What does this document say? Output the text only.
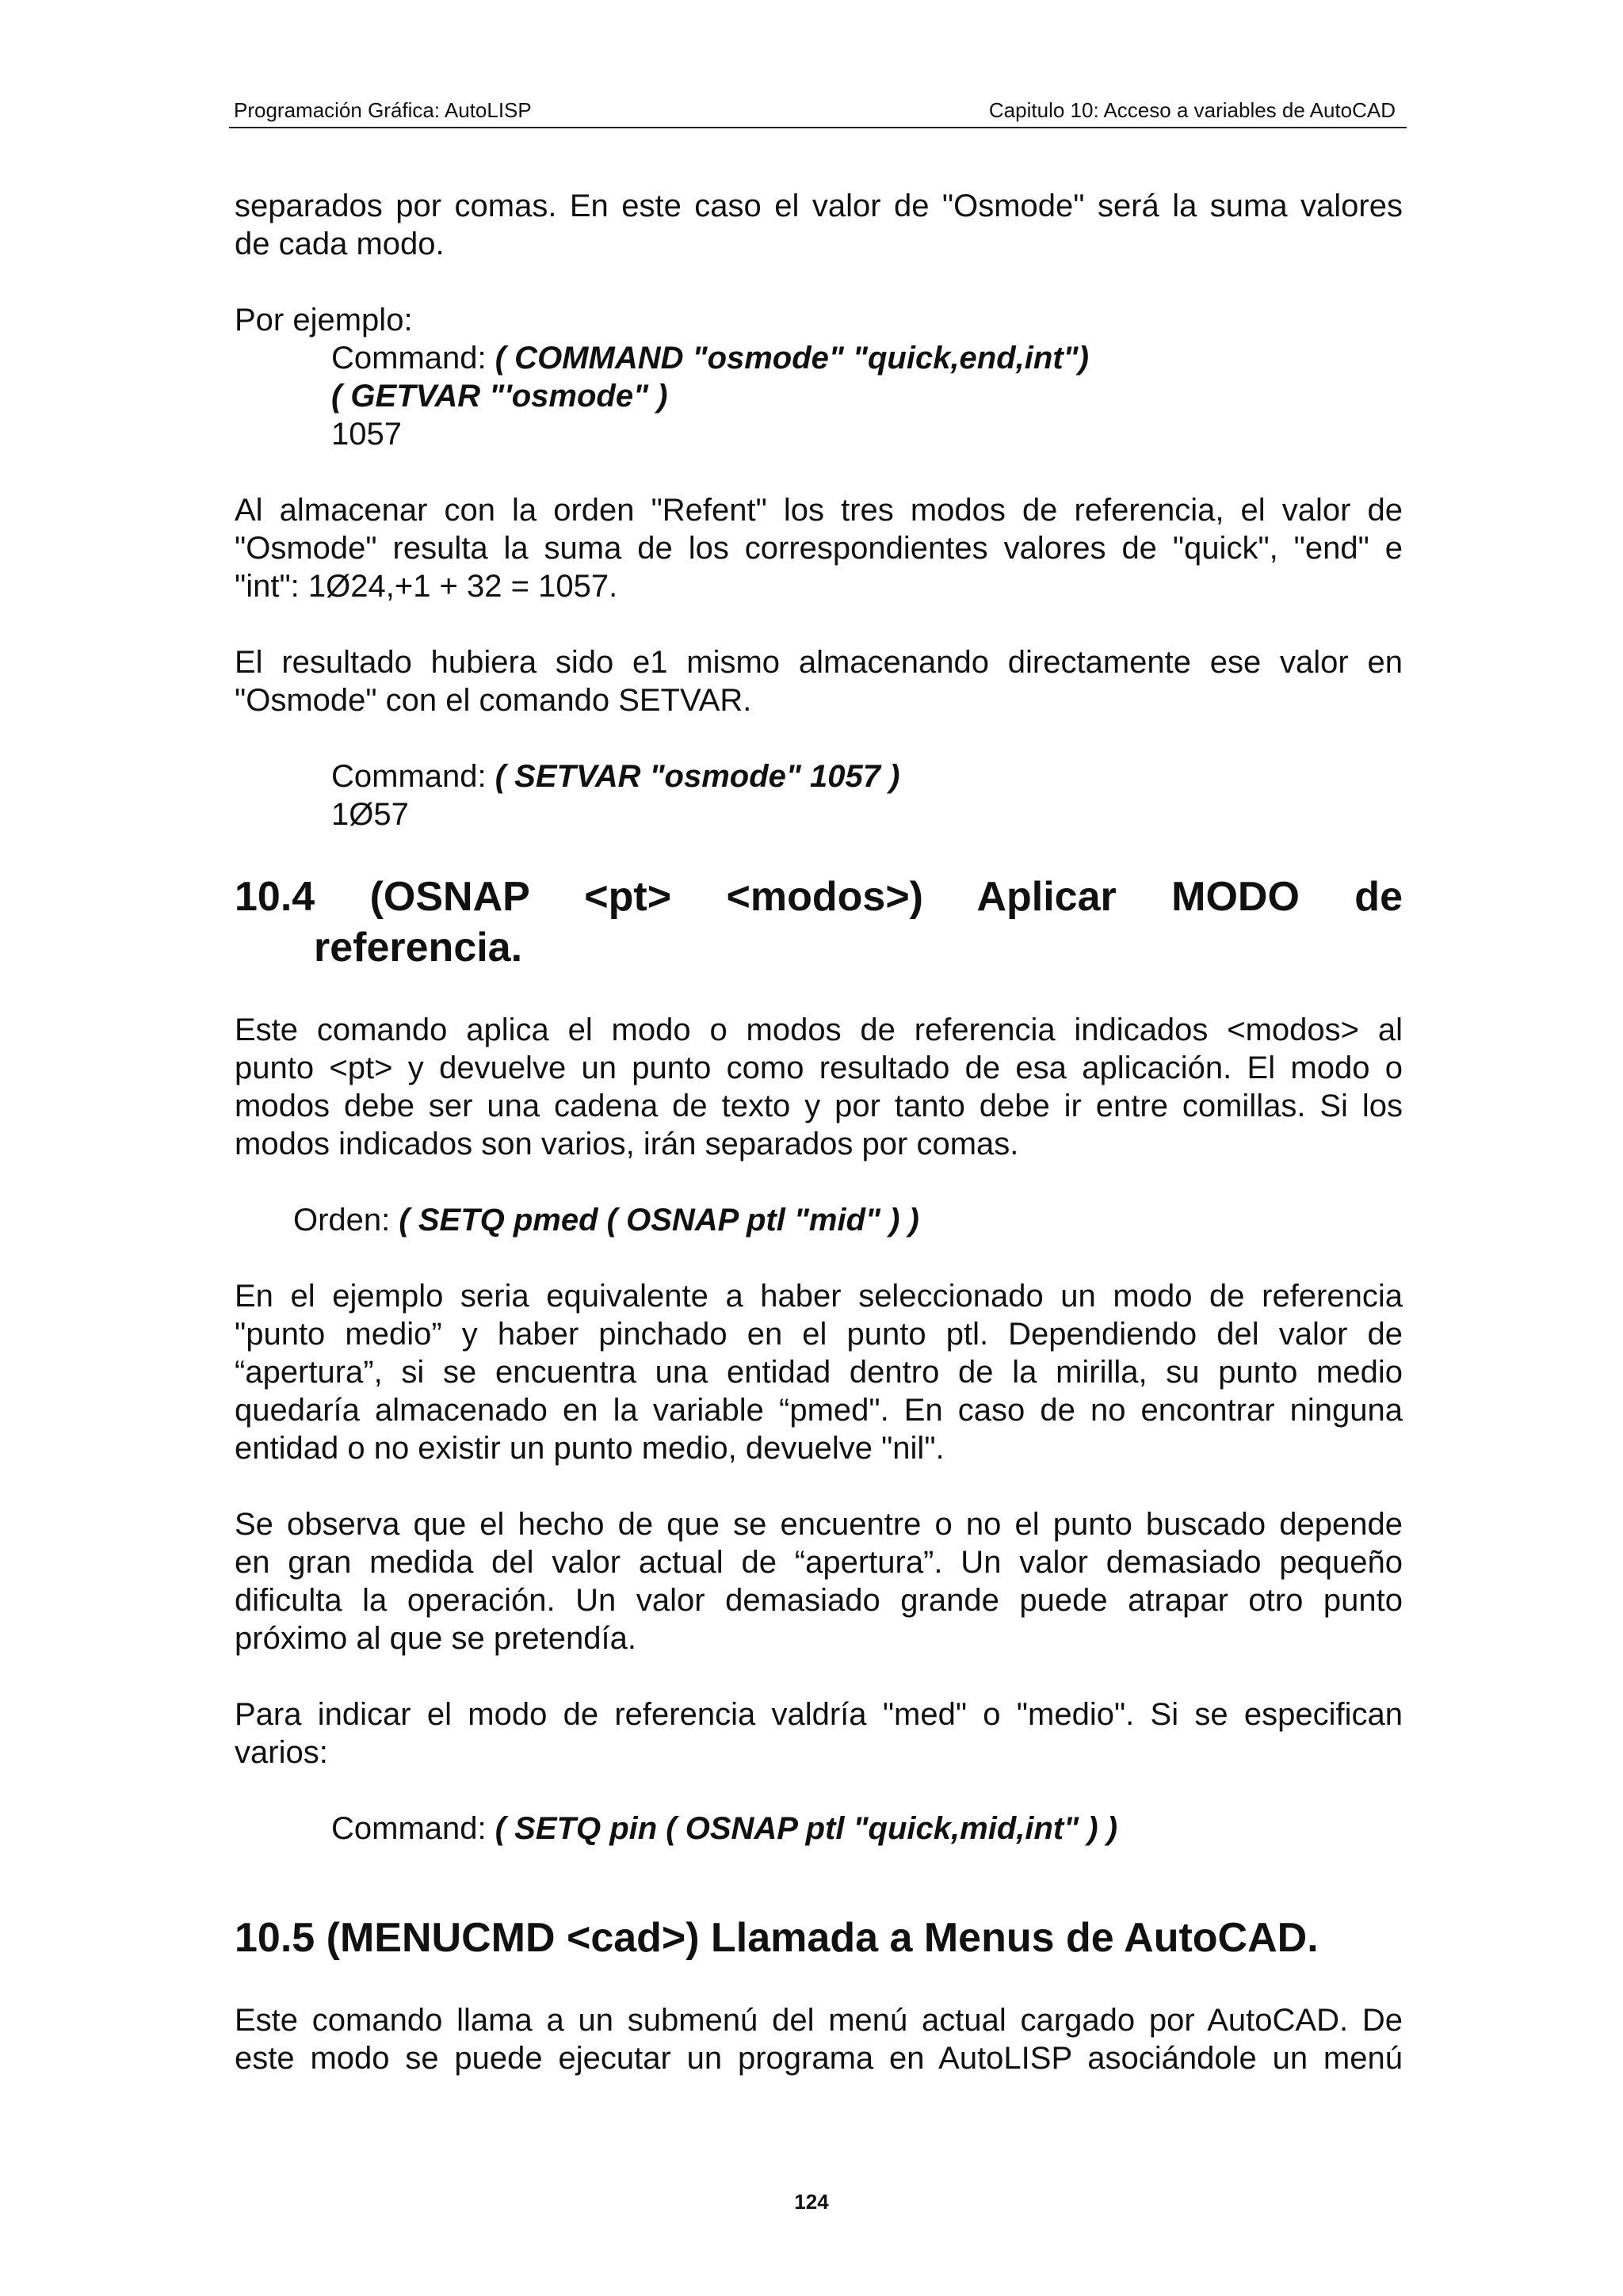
Programación Gráfica: AutoLISP	Capitulo 10: Acceso a variables de AutoCAD

separados por comas. En este caso el valor de "Osmode" será la suma valores
de cada modo.

Por ejemplo:
Command: ( COMMAND "osmode" "quick,end,int")
( GETVAR "'osmode" )
1057

Al almacenar con la orden "Refent" los tres modos de referencia, el valor de
"Osmode" resulta la suma de los correspondientes valores de "quick", "end" e
"int": 1Ø24,+1 + 32 = 1057.

El resultado hubiera sido e1 mismo almacenando directamente ese valor en
"Osmode" con el comando SETVAR.

Command: ( SETVAR "osmode" 1057 )
1Ø57
10.4 (OSNAP <pt> <modos>) Aplicar MODO de
referencia.

Este comando aplica el modo o modos de referencia indicados <modos> al
punto <pt> y devuelve un punto como resultado de esa aplicación. El modo o
modos debe ser una cadena de texto y por tanto debe ir entre comillas. Si los
modos indicados son varios, irán separados por comas.

Orden: ( SETQ pmed ( OSNAP ptl "mid" ) )

En el ejemplo seria equivalente a haber seleccionado un modo de referencia
"punto medio” y haber pinchado en el punto ptl. Dependiendo del valor de
“apertura”, si se encuentra una entidad dentro de la mirilla, su punto medio
quedaría almacenado en la variable “pmed". En caso de no encontrar ninguna
entidad o no existir un punto medio, devuelve "nil".

Se observa que el hecho de que se encuentre o no el punto buscado depende
en gran medida del valor actual de “apertura”. Un valor demasiado pequeño
dificulta la operación. Un valor demasiado grande puede atrapar otro punto
próximo al que se pretendía.

Para indicar el modo de referencia valdría "med" o "medio". Si se especifican
varios:

Command: ( SETQ pin ( OSNAP ptl "quick,mid,int" ) )
10.5 (MENUCMD <cad>) Llamada a Menus de AutoCAD.

Este comando llama a un submenú del menú actual cargado por AutoCAD. De
este modo se puede ejecutar un programa en AutoLISP asociándole un menú

124
